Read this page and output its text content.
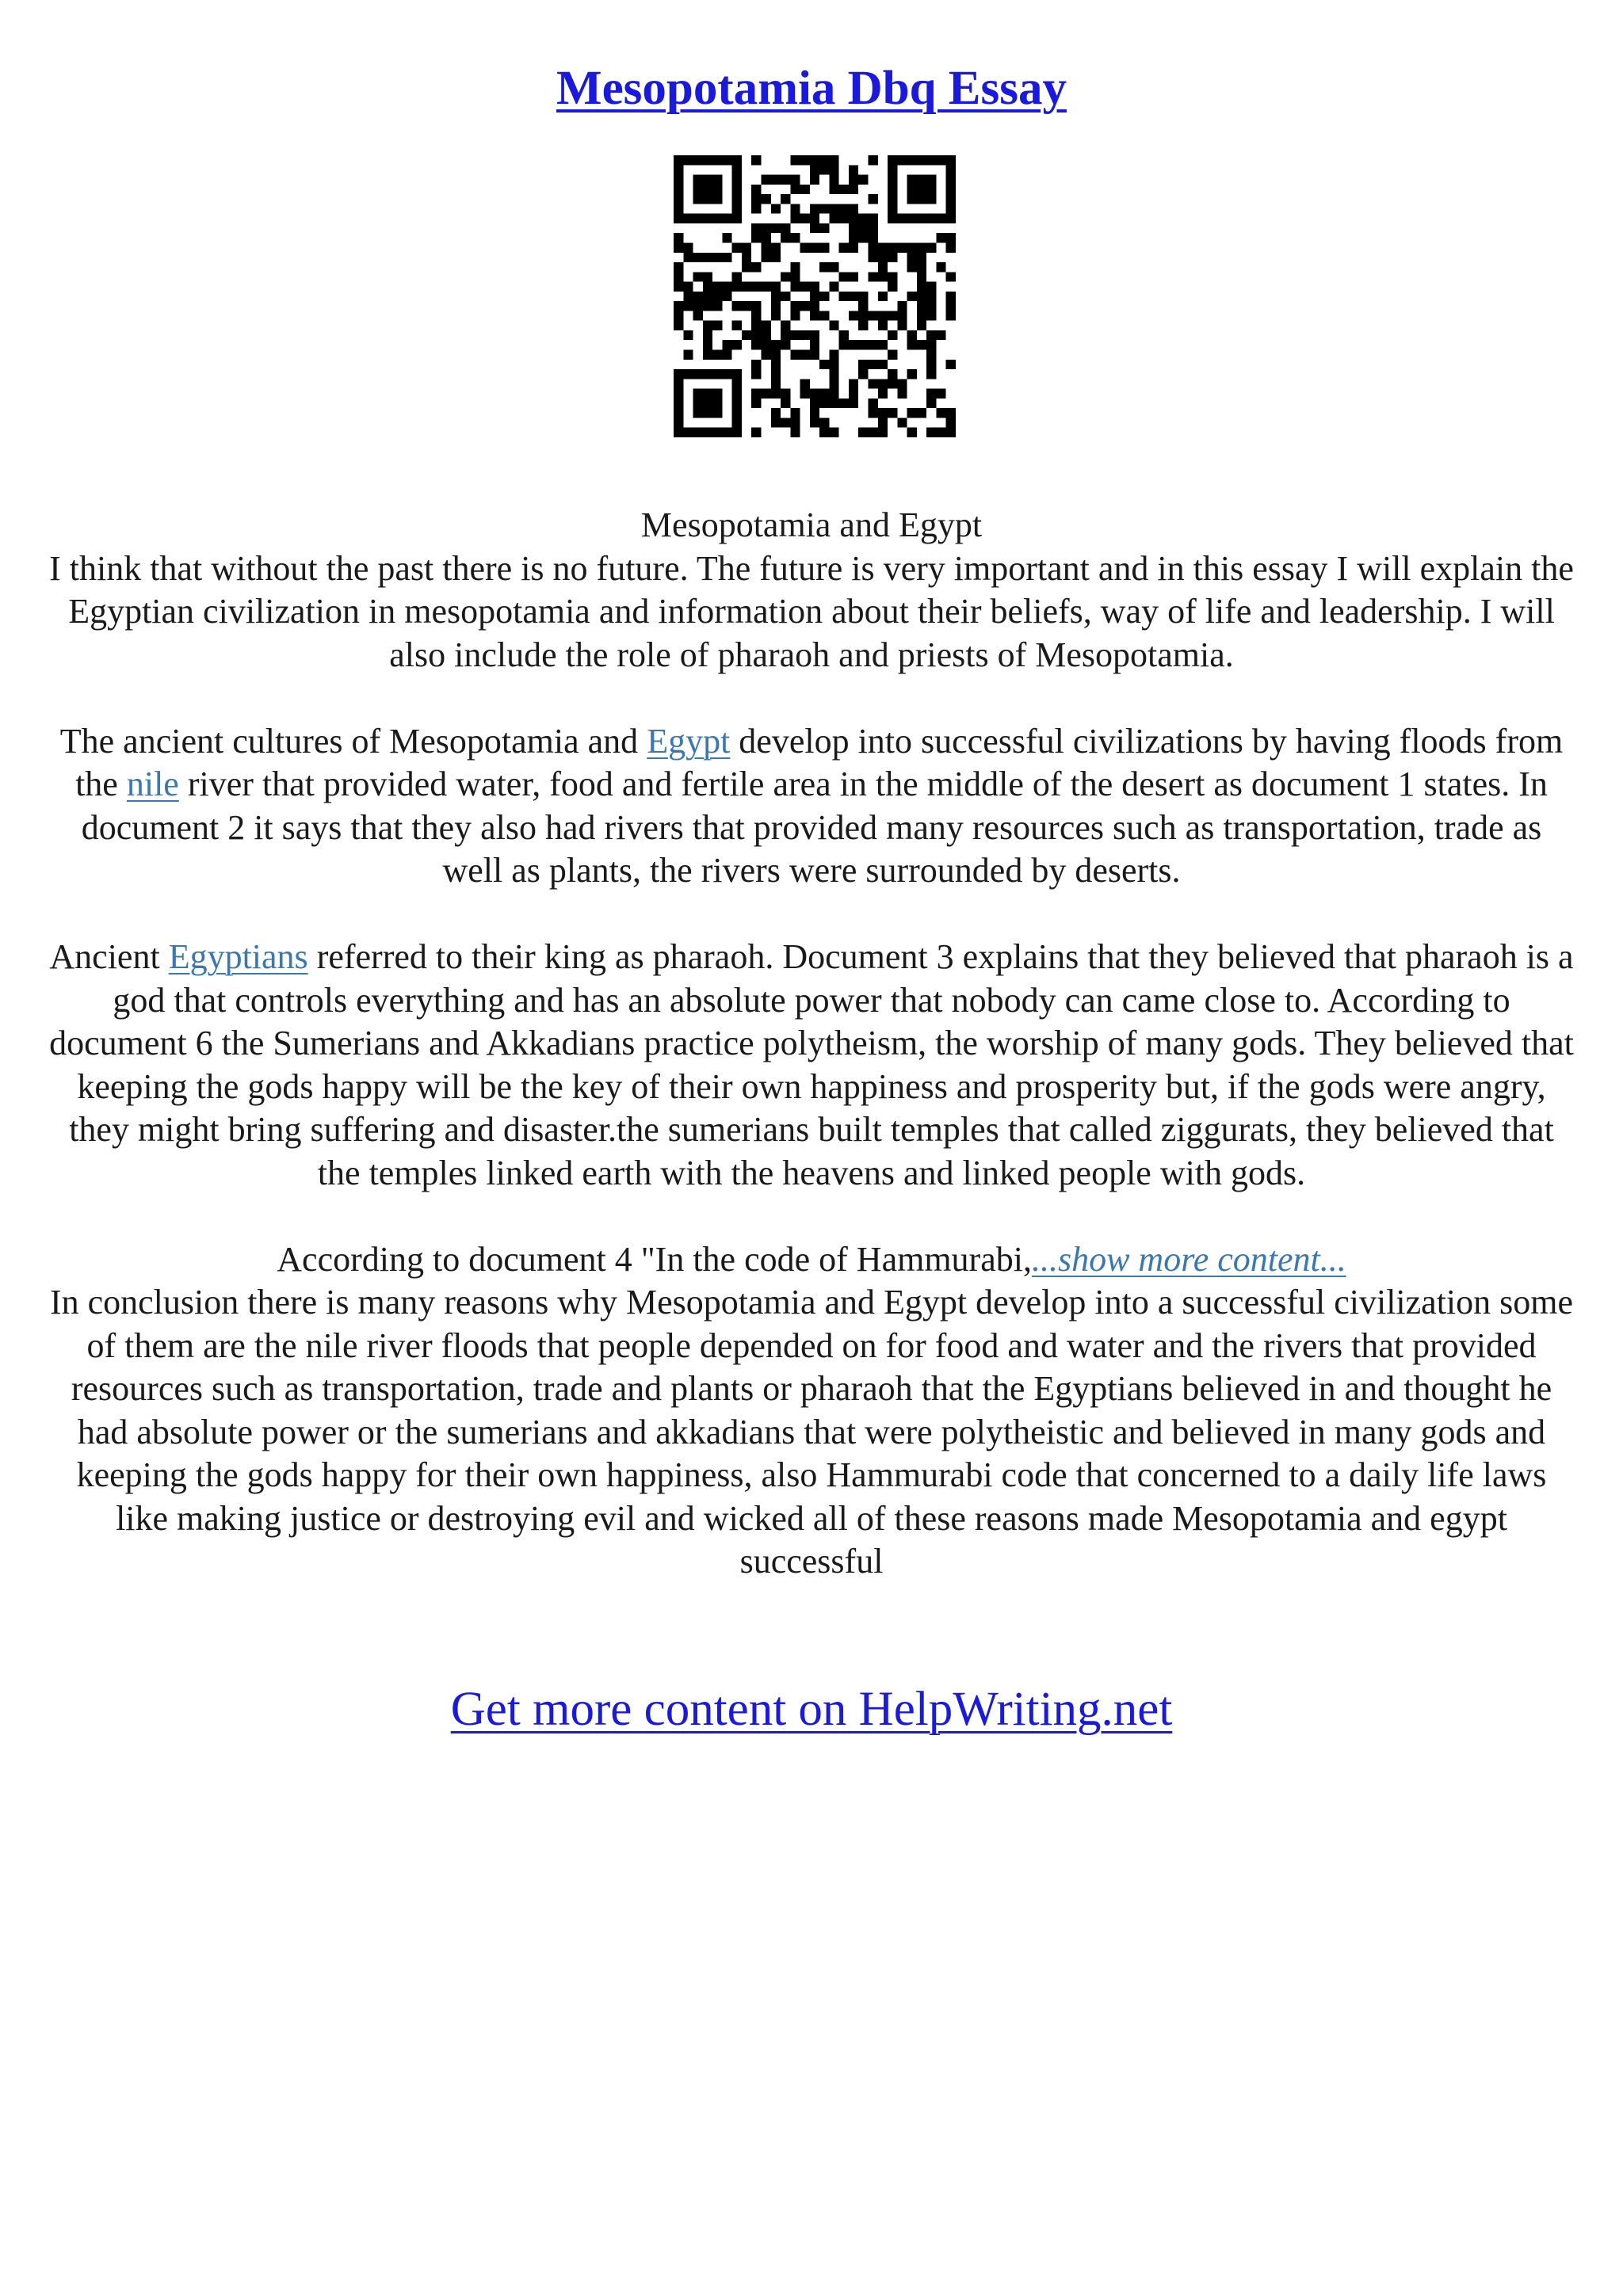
Mesopotamia Dbq Essay

Mesopotamia and Egypt

I think that without the past there is no future. The future is very important and in this essay I will explain the Egyptian civilization in mesopotamia and information about their beliefs, way of life and leadership. I will also include the role of pharaoh and priests of Mesopotamia.

The ancient cultures of Mesopotamia and Egypt develop into successful civilizations by having floods from the nile river that provided water, food and fertile area in the middle of the desert as document 1 states. In document 2 it says that they also had rivers that provided many resources such as transportation, trade as well as plants, the rivers were surrounded by deserts.

Ancient Egyptians referred to their king as pharaoh. Document 3 explains that they believed that pharaoh is a god that controls everything and has an absolute power that nobody can came close to. According to document 6 the Sumerians and Akkadians practice polytheism, the worship of many gods. They believed that keeping the gods happy will be the key of their own happiness and prosperity but, if the gods were angry, they might bring suffering and disaster.the sumerians built temples that called ziggurats, they believed that the temples linked earth with the heavens and linked people with gods.

According to document 4 "In the code of Hammurabi,...show more content...

In conclusion there is many reasons why Mesopotamia and Egypt develop into a successful civilization some of them are the nile river floods that people depended on for food and water and the rivers that provided resources such as transportation, trade and plants or pharaoh that the Egyptians believed in and thought he had absolute power or the sumerians and akkadians that were polytheistic and believed in many gods and keeping the gods happy for their own happiness, also Hammurabi code that concerned to a daily life laws like making justice or destroying evil and wicked all of these reasons made Mesopotamia and egypt successful

Get more content on HelpWriting.net
